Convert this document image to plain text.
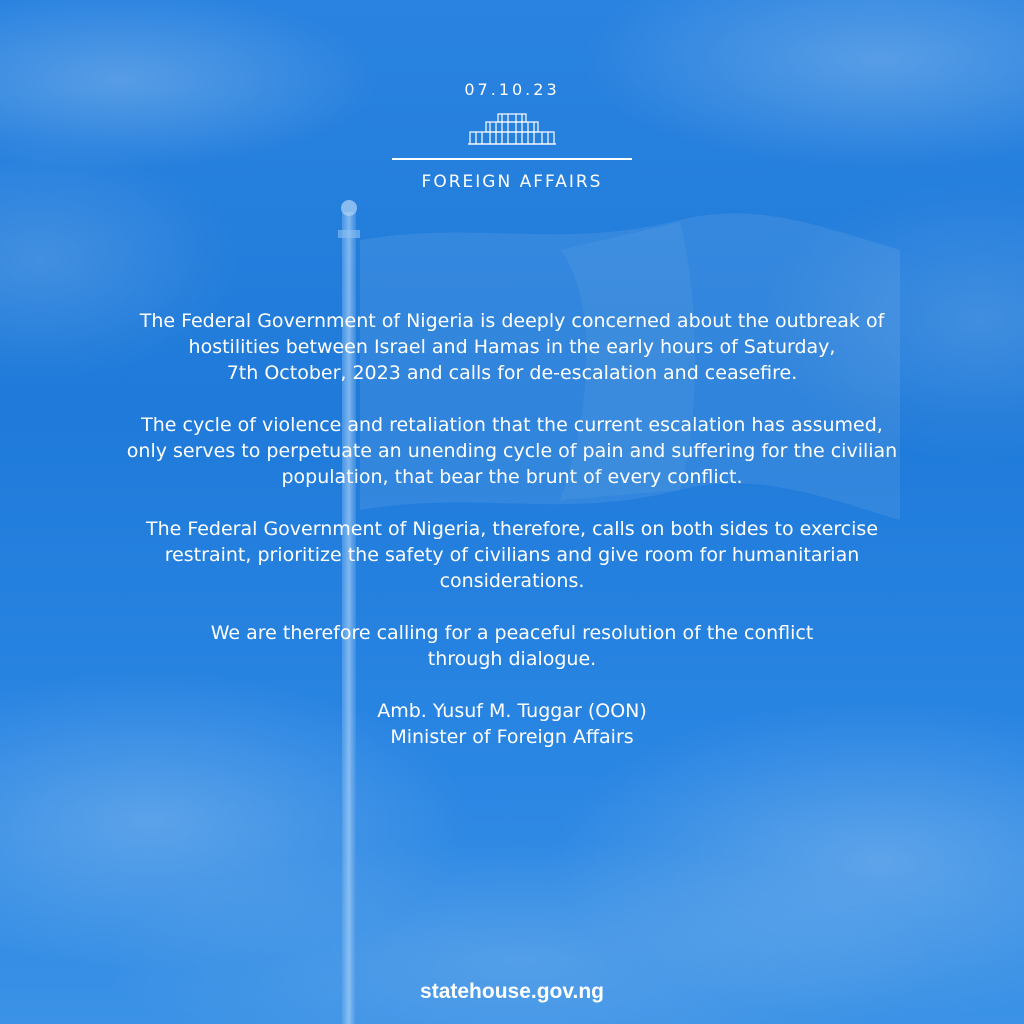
07.10.23
FOREIGN AFFAIRS

The Federal Government of Nigeria is deeply concerned about the outbreak of
hostilities between Israel and Hamas in the early hours of Saturday,
7th October, 2023 and calls for de-escalation and ceasefire.

The cycle of violence and retaliation that the current escalation has assumed,
only serves to perpetuate an unending cycle of pain and suffering for the civilian
population, that bear the brunt of every conflict.

The Federal Government of Nigeria, therefore, calls on both sides to exercise
restraint, prioritize the safety of civilians and give room for humanitarian
considerations.

We are therefore calling for a peaceful resolution of the conflict
through dialogue.

Amb. Yusuf M. Tuggar (OON)
Minister of Foreign Affairs

statehouse.gov.ng
